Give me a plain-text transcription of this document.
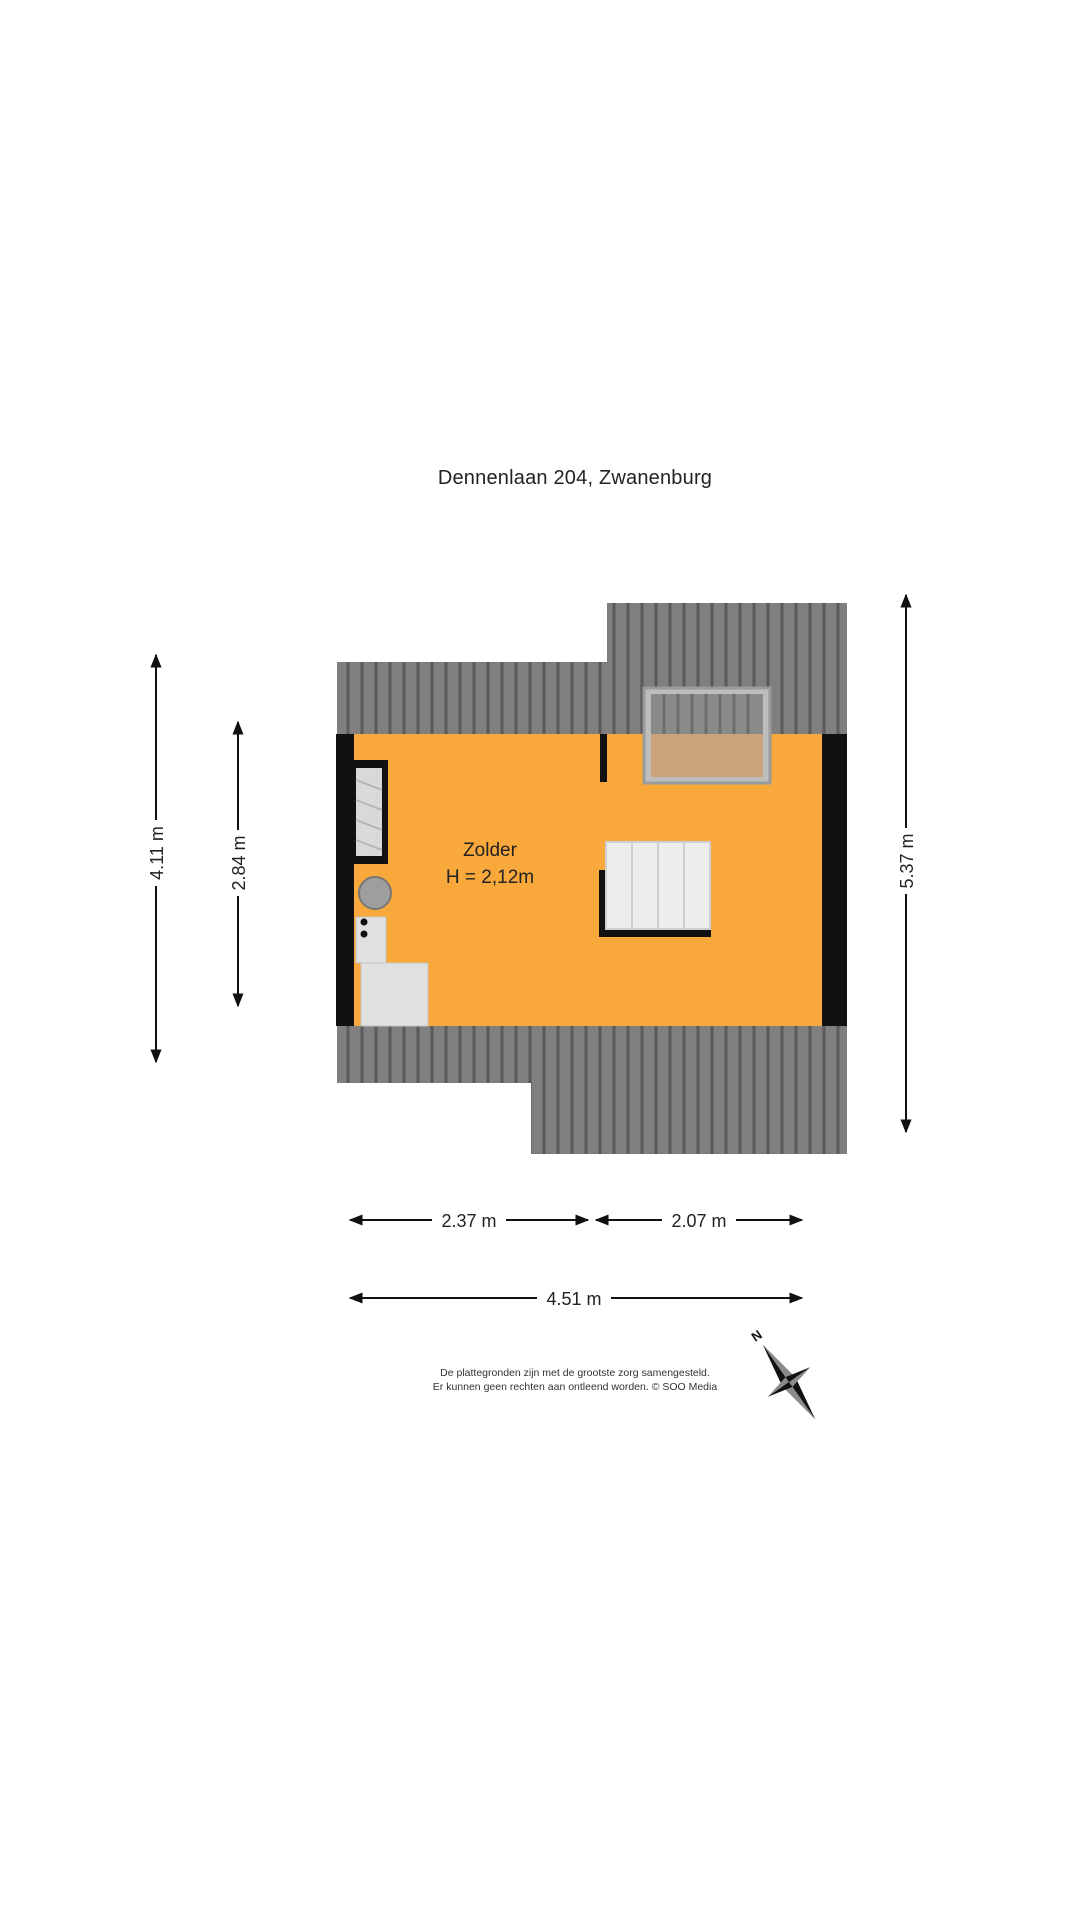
Dennenlaan 204, Zwanenburg
Zolder
H = 2,12m
4.11 m	2.84 m	5.37 m
2.37 m	2.07 m
4.51 m
N
De plattegronden zijn met de grootste zorg samengesteld.
Er kunnen geen rechten aan ontleend worden. © SOO Media
